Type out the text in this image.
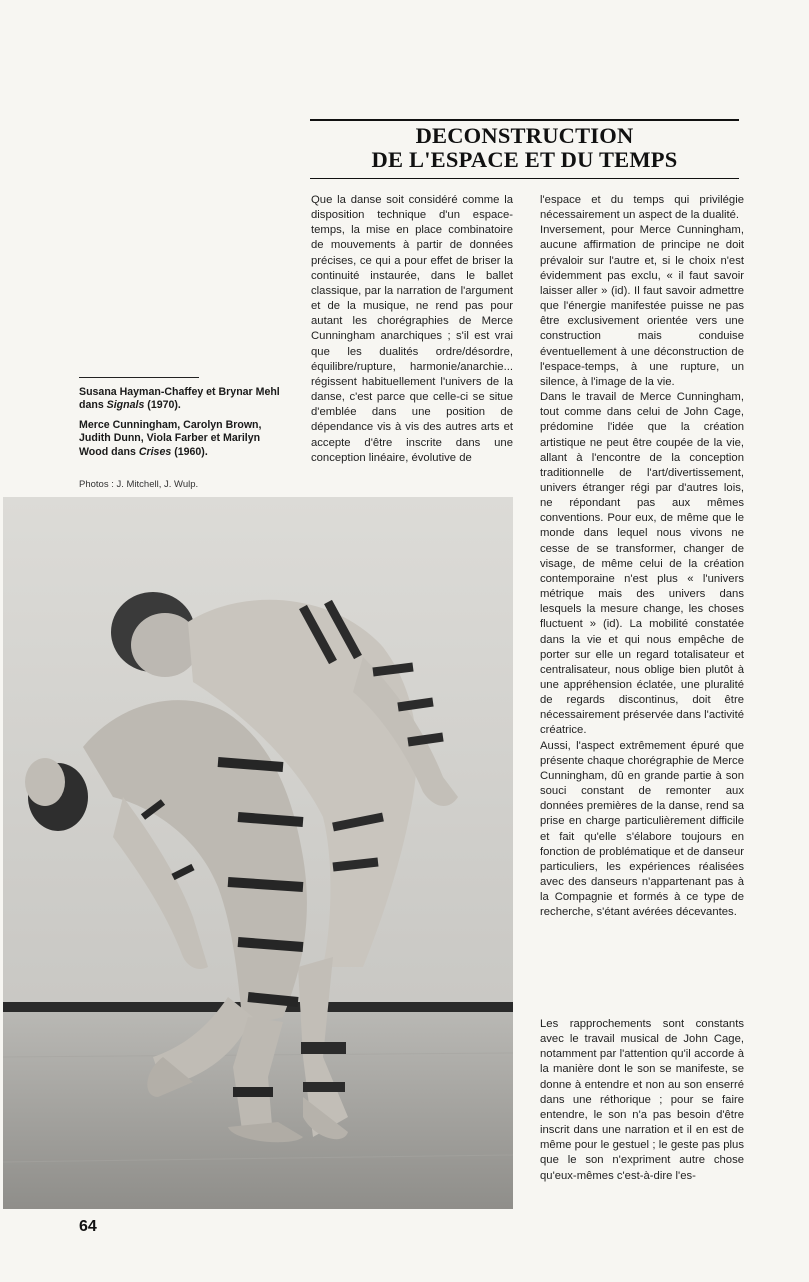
DECONSTRUCTION
DE L'ESPACE ET DU TEMPS
Susana Hayman-Chaffey et Brynar Mehl dans Signals (1970).
Merce Cunningham, Carolyn Brown, Judith Dunn, Viola Farber et Marilyn Wood dans Crises (1960).
Photos : J. Mitchell, J. Wulp.

Que la danse soit considéré comme la disposition technique d'un espace-temps, la mise en place combinatoire de mouvements à partir de données précises, ce qui a pour effet de briser la continuité instaurée, dans le ballet classique, par la narration de l'argument et de la musique, ne rend pas pour autant les chorégraphies de Merce Cunningham anarchiques ; s'il est vrai que les dualités ordre/désordre, équilibre/rupture, harmonie/anarchie... régissent habituellement l'univers de la danse, c'est parce que celle-ci se situe d'emblée dans une position de dépendance vis à vis des autres arts et accepte d'être inscrite dans une conception linéaire, évolutive de

l'espace et du temps qui privilégie nécessairement un aspect de la dualité.

Inversement, pour Merce Cunningham, aucune affirmation de principe ne doit prévaloir sur l'autre et, si le choix n'est évidemment pas exclu, « il faut savoir laisser aller » (id). Il faut savoir admettre que l'énergie manifestée puisse ne pas être exclusivement orientée vers une construction mais conduise éventuellement à une déconstruction de l'espace-temps, à une rupture, un silence, à l'image de la vie.

Dans le travail de Merce Cunningham, tout comme dans celui de John Cage, prédomine l'idée que la création artistique ne peut être coupée de la vie, allant à l'encontre de la conception traditionnelle de l'art/divertissement, univers étranger régi par d'autres lois, ne répondant pas aux mêmes conventions. Pour eux, de même que le monde dans lequel nous vivons ne cesse de se transformer, changer de visage, de même celui de la création contemporaine n'est plus « l'univers métrique mais des univers dans lesquels la mesure change, les choses fluctuent » (id). La mobilité constatée dans la vie et qui nous empêche de porter sur elle un regard totalisateur et centralisateur, nous oblige bien plutôt à une appréhension éclatée, une pluralité de regards discontinus, doit être nécessairement préservée dans l'activité créatrice.

Aussi, l'aspect extrêmement épuré que présente chaque chorégraphie de Merce Cunningham, dû en grande partie à son souci constant de remonter aux données premières de la danse, rend sa prise en charge particulièrement difficile et fait qu'elle s'élabore toujours en fonction de problématique et de danseur particuliers, les expériences réalisées avec des danseurs n'appartenant pas à la Compagnie et formés à ce type de recherche, s'étant avérées décevantes.

Les rapprochements sont constants avec le travail musical de John Cage, notamment par l'attention qu'il accorde à la manière dont le son se manifeste, se donne à entendre et non au son enserré dans une réthorique ; pour se faire entendre, le son n'a pas besoin d'être inscrit dans une narration et il en est de même pour le gestuel ; le geste pas plus que le son n'expriment autre chose qu'eux-mêmes c'est-à-dire l'es-

64
